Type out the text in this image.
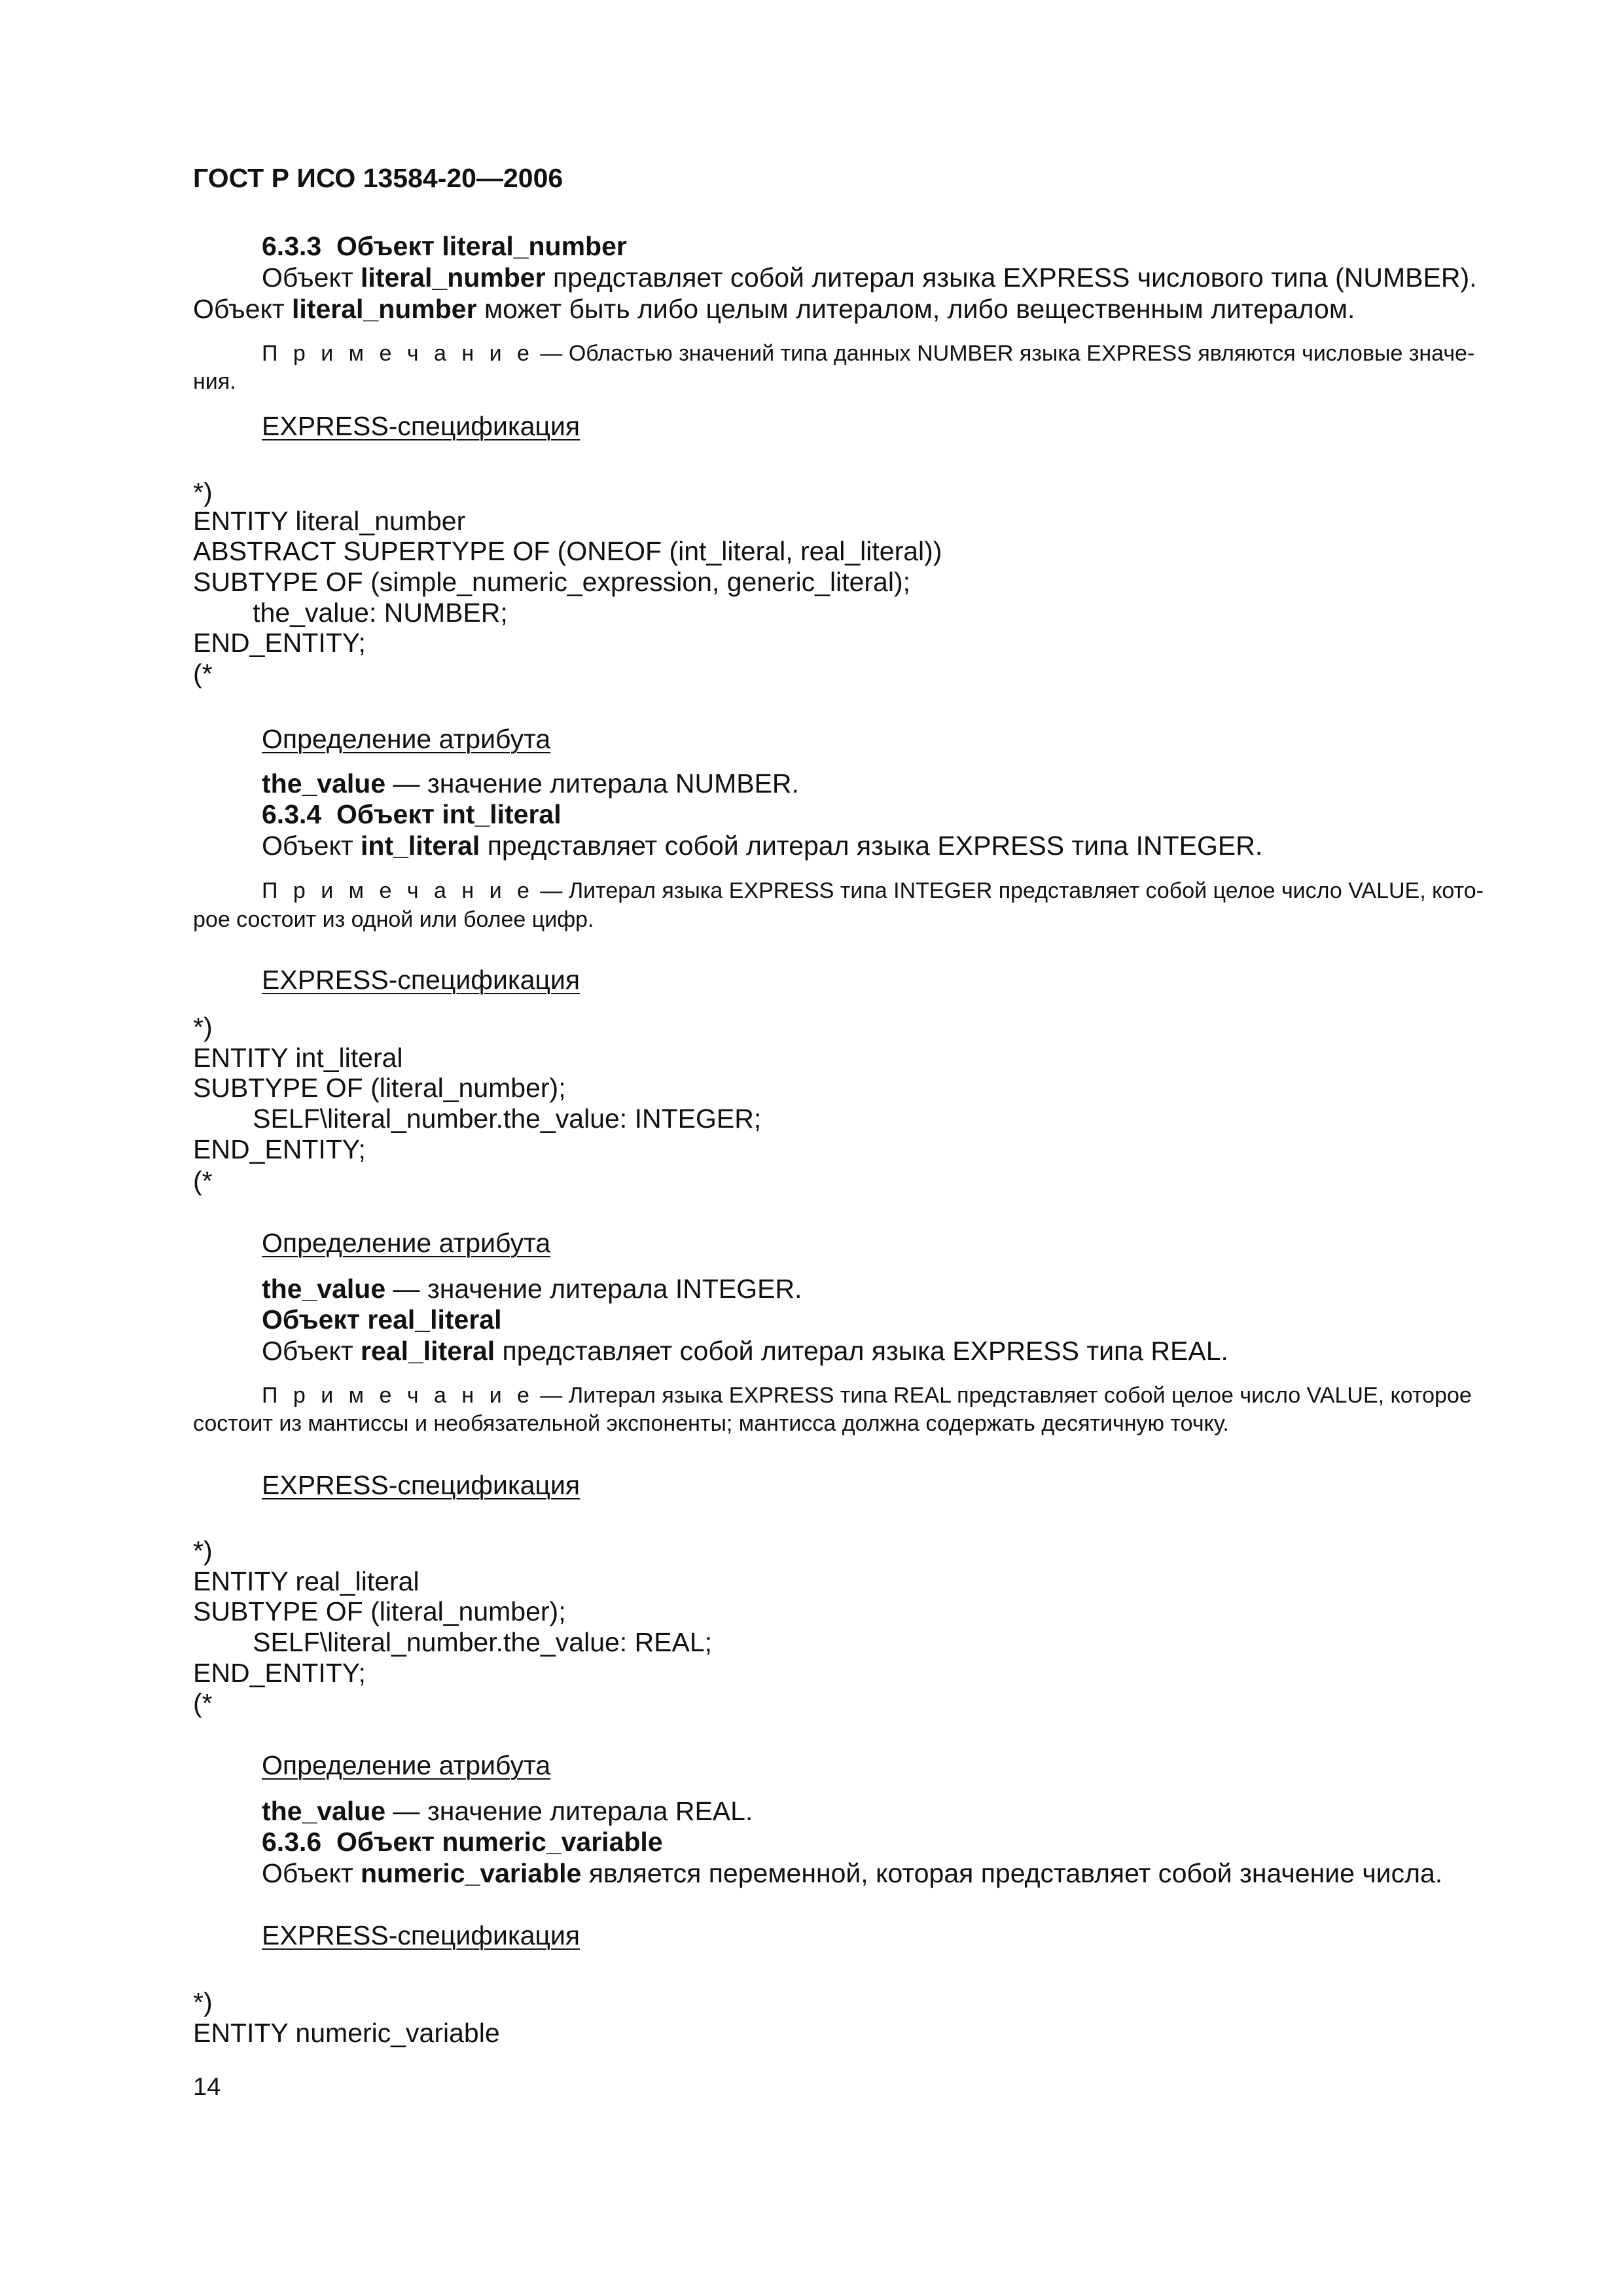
ГОСТ Р ИСО 13584-20—2006
6.3.3  Объект literal_number
Объект literal_number представляет собой литерал языка EXPRESS числового типа (NUMBER).
Объект literal_number может быть либо целым литералом, либо вещественным литералом.
П р и м е ч а н и е — Областью значений типа данных NUMBER языка EXPRESS являются числовые значе-
ния.
EXPRESS-спецификация
*)
ENTITY literal_number
ABSTRACT SUPERTYPE OF (ONEOF (int_literal, real_literal))
SUBTYPE OF (simple_numeric_expression, generic_literal);
the_value: NUMBER;
END_ENTITY;
(*
Определение атрибута
the_value — значение литерала NUMBER.
6.3.4  Объект int_literal
Объект int_literal представляет собой литерал языка EXPRESS типа INTEGER.
П р и м е ч а н и е — Литерал языка EXPRESS типа INTEGER представляет собой целое число VALUE, кото-
рое состоит из одной или более цифр.
EXPRESS-спецификация
*)
ENTITY int_literal
SUBTYPE OF (literal_number);
SELF\literal_number.the_value: INTEGER;
END_ENTITY;
(*
Определение атрибута
the_value — значение литерала INTEGER.
Объект real_literal
Объект real_literal представляет собой литерал языка EXPRESS типа REAL.
П р и м е ч а н и е — Литерал языка EXPRESS типа REAL представляет собой целое число VALUE, которое
состоит из мантиссы и необязательной экспоненты; мантисса должна содержать десятичную точку.
EXPRESS-спецификация
*)
ENTITY real_literal
SUBTYPE OF (literal_number);
SELF\literal_number.the_value: REAL;
END_ENTITY;
(*
Определение атрибута
the_value — значение литерала REAL.
6.3.6  Объект numeric_variable
Объект numeric_variable является переменной, которая представляет собой значение числа.
EXPRESS-спецификация
*)
ENTITY numeric_variable
14
